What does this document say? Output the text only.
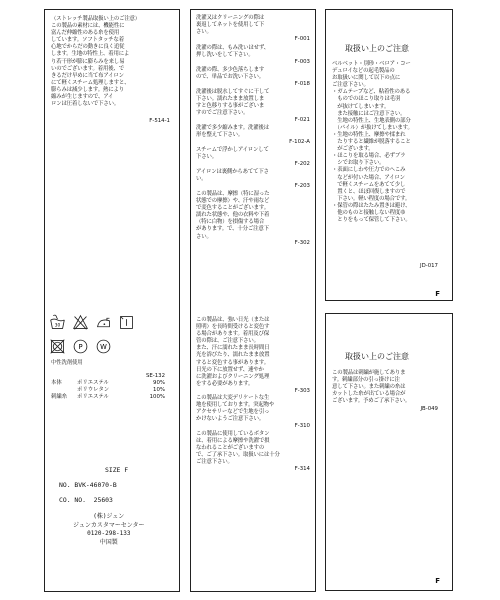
（ストレッチ製品取扱い上のご注意）
この製品の素材には、機能性に
富んだ伸縮性のある糸を使用
しています。ソフトタッチな着
心地でからだの動きに良く追従
します。生地の特性上、着用によ
り若干形が膨に膨らみを来し易
いのでございます。着用後、で
きるだけ早めに当て布アイロン
にて軽くスチーム処理しますと、
膨らみは減少します。熱により
縮みが生じますので、アイ
ロンは圧着しないで下さい。
F-514-1
30
P W
中性洗剤使用
SE-132
本体	ポリエステル	90%
ポリウレタン	10%
刺繍糸	ポリエステル	100%
SIZE F
NO. BVK-46070-B
CO. NO.  25603
(株)ジュン
ジュンカスタマーセンター
0120-298-133
中国製
洗濯又はクリーニングの際は
裏返してネットを使用して下
さい。
F-001
洗濯の際は、もみ洗いはせず、
押し洗いをして下さい。
F-003
洗濯の際、多少色落ちします
ので、単品でお洗い下さい。
F-018
洗濯後は脱水してすぐに干して
下さい。濡れたまま放置しま
すと色移りする事がございま
すのでご注意下さい。
F-021
洗濯で多少縮みます。洗濯後は
形を整えて下さい。
F-102-A
スチームで浮かしアイロンして
下さい。
F-202
アイロンは裏側からあてて下さ
い。
F-203
この製品は、摩擦（特に湿った
状態での摩擦）や、汗や雨など
で変色することがございます。
濡れた状態や、他の衣料や下着
（特に白物）を損傷する場合
があります。で、十分ご注意下
さい。
F-302
この製品は、強い日光（または
照明）を長時間受けると変色す
る場合があります。着用及び保
管の際は、ご注意下さい。
また、汗に濡れたまま長時間日
光を浴びたり、濡れたまま放置
すると変色する事があります。
日光の下に放置せず、速やか
に洗濯およびクリーニング処理
をする必要があります。
F-303
この製品は大変デリケートな生
地を使用しております。突起物や
アクセサリーなどで生地を引っ
かけないようご注意下さい。
F-310
この製品に使用しているボタン
は、着用による摩擦や洗濯で損
なわれることがございますの
で、ご了承下さい。取扱いには十分
ご注意下さい。
F-314
取扱い上のご注意
ベルベット・別珍・ベロア・コー
デュロイなどの起毛製品の
お取扱いに関して以下の点に
ご注意下さい。
・ガムテープなど、粘着性のある
　ものでのほこり取りは毛羽
　が抜けてしまいます。
　また接触にはご注意下さい。
　生地の特性上、生地表側の部分
　（パイル）が抜けてしまいます。
・生地の特性上、摩擦や揉まれ
　たりすると繊維が脱落すること
　がございます。
・ほこりを取る場合、必ずブラ
　シでお取り下さい。
・表面にしわや圧力でのへこみ
　などが付いた場合、アイロン
　で軽くスチームをあてて少し
　置くと、ほぼ回復しますので
　下さい。軽い程度の場合です。
・保管の際はたたみ置きは避け、
　他のものと接触しない程度ゆ
　とりをもって保管して下さい。
JD-017
F
取扱い上のご注意
この製品は刺繍が施してありま
す。刺繍部分の引っ掛けに注
意して下さい。また刺繍の糸は
カットした糸が出ている場合が
ございます。予めご了承下さい。
JB-049
F
